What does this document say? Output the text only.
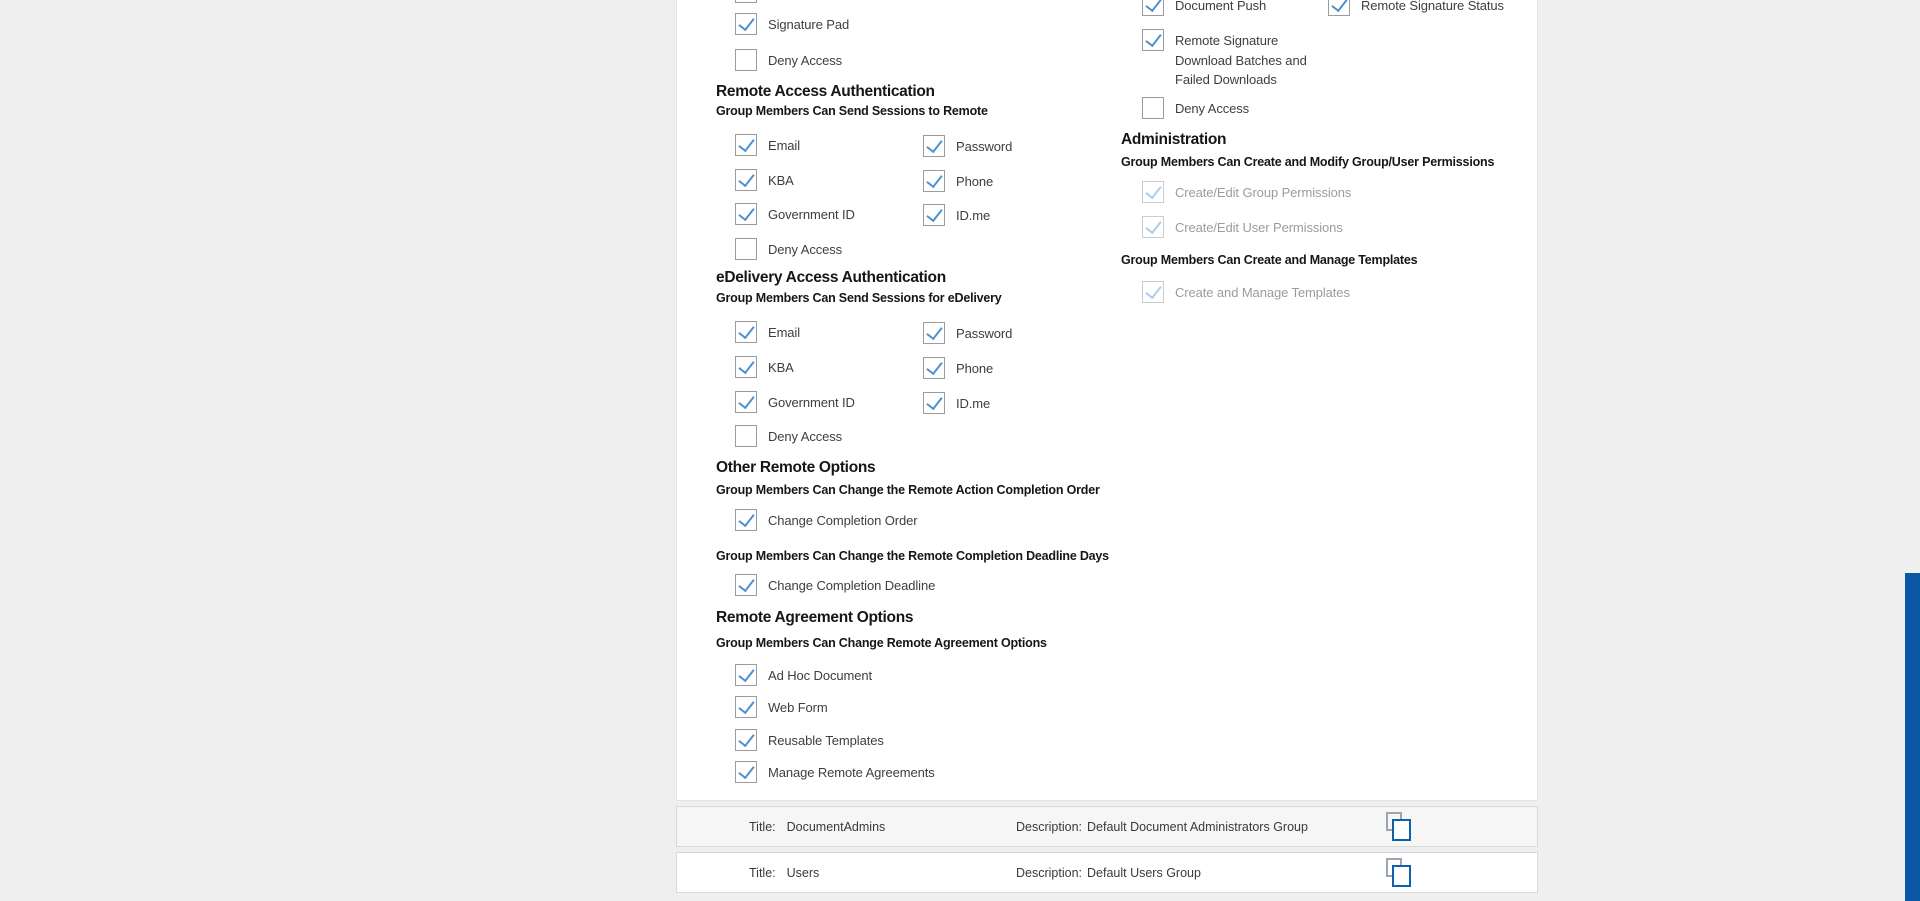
Signature Pad
Deny Access
Remote Access Authentication
Group Members Can Send Sessions to Remote
Email	Password
KBA	Phone
Government ID	ID.me
Deny Access
eDelivery Access Authentication
Group Members Can Send Sessions for eDelivery
Email	Password
KBA	Phone
Government ID	ID.me
Deny Access
Other Remote Options
Group Members Can Change the Remote Action Completion Order
Change Completion Order
Group Members Can Change the Remote Completion Deadline Days
Change Completion Deadline
Remote Agreement Options
Group Members Can Change Remote Agreement Options
Ad Hoc Document
Web Form
Reusable Templates
Manage Remote Agreements
Document Push	Remote Signature Status
Remote Signature Download Batches and Failed Downloads
Deny Access
Administration
Group Members Can Create and Modify Group/User Permissions
Create/Edit Group Permissions
Create/Edit User Permissions
Group Members Can Create and Manage Templates
Create and Manage Templates
Title: DocumentAdmins	Description: Default Document Administrators Group
Title: Users	Description: Default Users Group
